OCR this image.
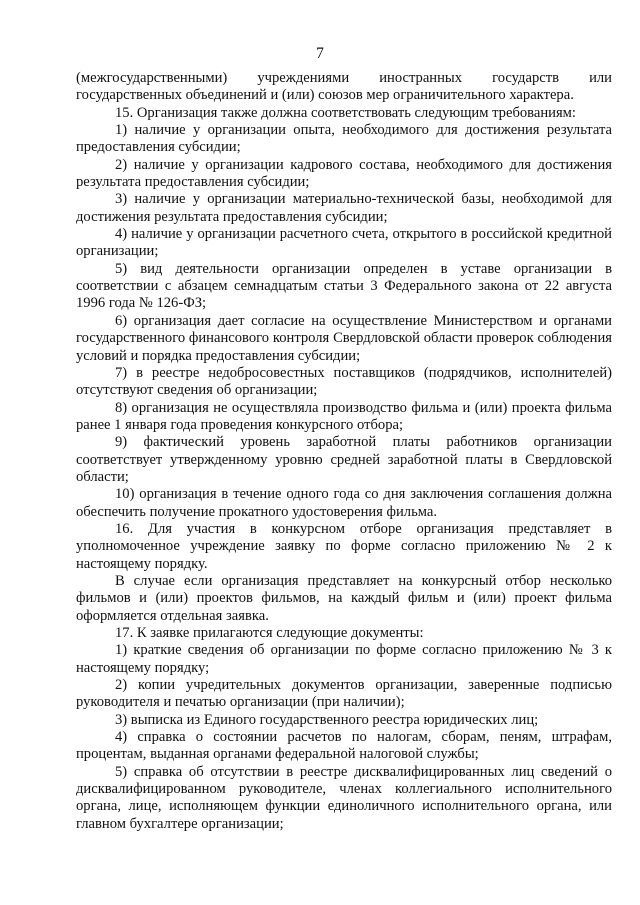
7

(межгосударственными) учреждениями иностранных государств или государственных объединений и (или) союзов мер ограничительного характера.

15. Организация также должна соответствовать следующим требованиям:

1) наличие у организации опыта, необходимого для достижения результата предоставления субсидии;

2) наличие у организации кадрового состава, необходимого для достижения результата предоставления субсидии;

3) наличие у организации материально-технической базы, необходимой для достижения результата предоставления субсидии;

4) наличие у организации расчетного счета, открытого в российской кредитной организации;

5) вид деятельности организации определен в уставе организации в соответствии с абзацем семнадцатым статьи 3 Федерального закона от 22 августа 1996 года № 126-ФЗ;

6) организация дает согласие на осуществление Министерством и органами государственного финансового контроля Свердловской области проверок соблюдения условий и порядка предоставления субсидии;

7) в реестре недобросовестных поставщиков (подрядчиков, исполнителей) отсутствуют сведения об организации;

8) организация не осуществляла производство фильма и (или) проекта фильма ранее 1 января года проведения конкурсного отбора;

9) фактический уровень заработной платы работников организации соответствует утвержденному уровню средней заработной платы в Свердловской области;

10) организация в течение одного года со дня заключения соглашения должна обеспечить получение прокатного удостоверения фильма.

16. Для участия в конкурсном отборе организация представляет в уполномоченное учреждение заявку по форме согласно приложению № 2 к настоящему порядку.

В случае если организация представляет на конкурсный отбор несколько фильмов и (или) проектов фильмов, на каждый фильм и (или) проект фильма оформляется отдельная заявка.

17. К заявке прилагаются следующие документы:

1) краткие сведения об организации по форме согласно приложению № 3 к настоящему порядку;

2) копии учредительных документов организации, заверенные подписью руководителя и печатью организации (при наличии);

3) выписка из Единого государственного реестра юридических лиц;

4) справка о состоянии расчетов по налогам, сборам, пеням, штрафам, процентам, выданная органами федеральной налоговой службы;

5) справка об отсутствии в реестре дисквалифицированных лиц сведений о дисквалифицированном руководителе, членах коллегиального исполнительного органа, лице, исполняющем функции единоличного исполнительного органа, или главном бухгалтере организации;
